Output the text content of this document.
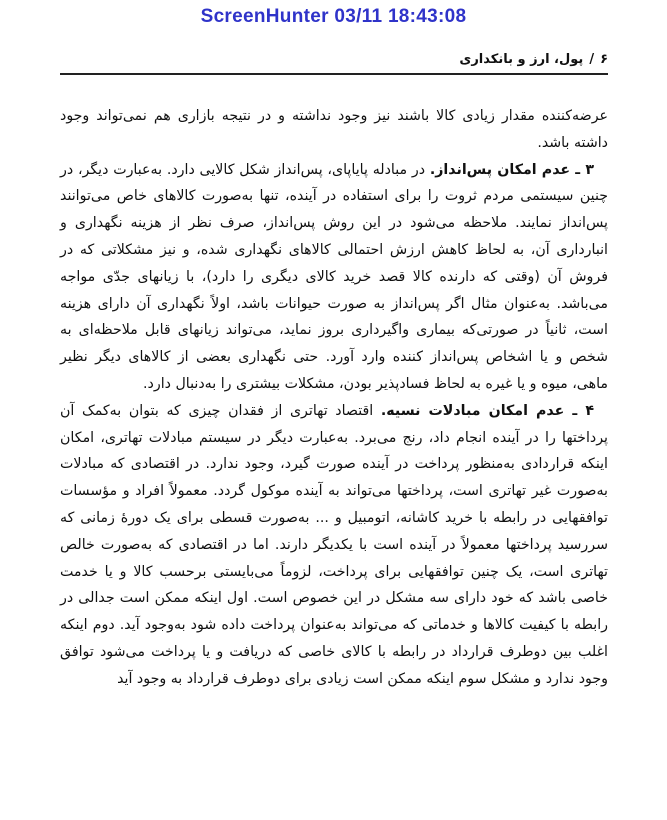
ScreenHunter 03/11 18:43:08
۶
/
پول، ارز و بانکداری

عرضه‌کننده مقدار زیادی کالا باشند نیز وجود نداشته و در نتیجه بازاری هم نمی‌تواند وجود داشته باشد.

۳ ـ عدم امکان پس‌انداز. در مبادله پایاپای، پس‌انداز شکل کالایی دارد. به‌عبارت دیگر، در چنین سیستمی مردم ثروت را برای استفاده در آینده، تنها به‌صورت کالاهای خاص می‌توانند پس‌انداز نمایند. ملاحظه می‌شود در این روش پس‌انداز، صرف نظر از هزینه نگهداری و انبارداری آن، به لحاظ کاهش ارزش احتمالی کالاهای نگهداری شده، و نیز مشکلاتی که در فروش آن (وقتی که دارنده کالا قصد خرید کالای دیگری را دارد)، با زیانهای جدّی مواجه می‌باشد. به‌عنوان مثال اگر پس‌انداز به صورت حیوانات باشد، اولاً نگهداری آن دارای هزینه است، ثانیاً در صورتی‌که بیماری واگیرداری بروز نماید، می‌تواند زیانهای قابل ملاحظه‌ای به شخص و یا اشخاص پس‌انداز کننده وارد آورد. حتی نگهداری بعضی از کالاهای دیگر نظیر ماهی، میوه و یا غیره به لحاظ فسادپذیر بودن، مشکلات بیشتری را به‌دنبال دارد.

۴ ـ عدم امکان مبادلات نسیه. اقتصاد تهاتری از فقدان چیزی که بتوان به‌کمک آن پرداختها را در آینده انجام داد، رنج می‌برد. به‌عبارت دیگر در سیستم مبادلات تهاتری، امکان اینکه قراردادی به‌منظور پرداخت در آینده صورت گیرد، وجود ندارد. در اقتصادی که مبادلات به‌صورت غیر تهاتری است، پرداختها می‌تواند به آینده موکول گردد. معمولاً افراد و مؤسسات توافقهایی در رابطه با خرید کاشانه، اتومبیل و ... به‌صورت قسطی برای یک دورهٔ زمانی که سررسید پرداختها معمولاً در آینده است با یکدیگر دارند. اما در اقتصادی که به‌صورت خالص تهاتری است، یک چنین توافقهایی برای پرداخت، لزوماً می‌بایستی برحسب کالا و یا خدمت خاصی باشد که خود دارای سه مشکل در این خصوص است. اول اینکه ممکن است جدالی در رابطه با کیفیت کالاها و خدماتی که می‌تواند به‌عنوان پرداخت داده شود به‌وجود آید. دوم اینکه اغلب بین دوطرف قرارداد در رابطه با کالای خاصی که دریافت و یا پرداخت می‌شود توافق وجود ندارد و مشکل سوم اینکه ممکن است زیادی برای دوطرف قرارداد به وجود آید
